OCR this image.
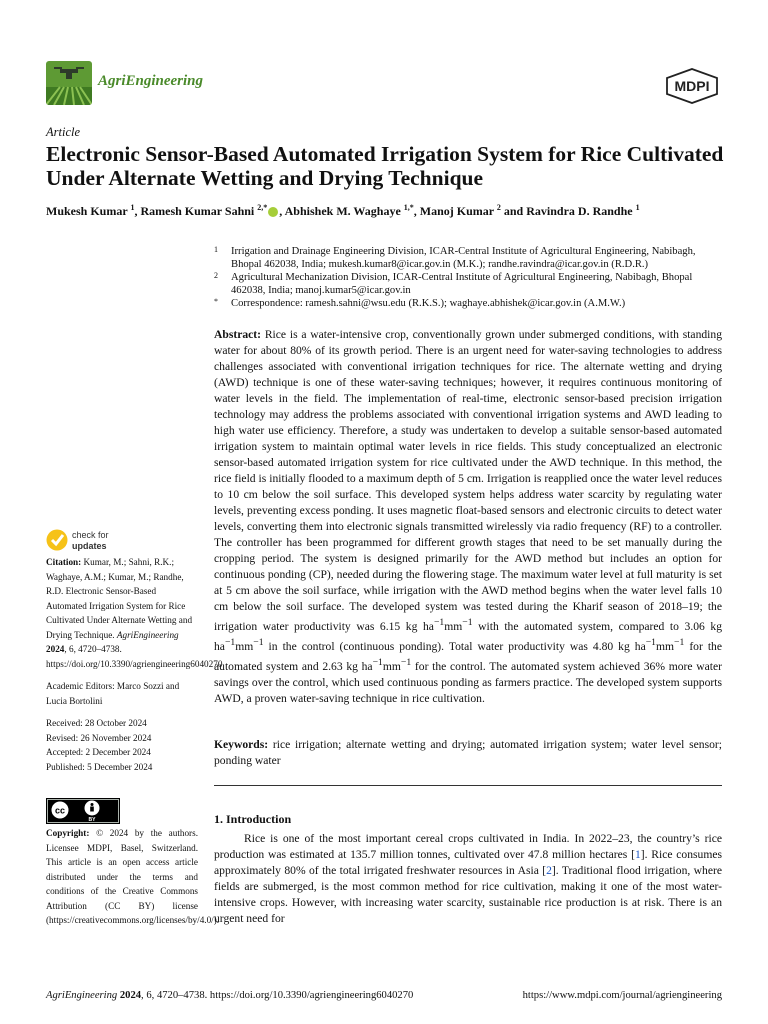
AgriEngineering	MDPI
Article
Electronic Sensor-Based Automated Irrigation System for Rice Cultivated Under Alternate Wetting and Drying Technique
Mukesh Kumar $^1$, Ramesh Kumar Sahni $^{2,*}$ , Abhishek M. Waghaye $^{1,*}$, Manoj Kumar $^2$ and Ravindra D. Randhe $^1$
1 Irrigation and Drainage Engineering Division, ICAR-Central Institute of Agricultural Engineering, Nabibagh, Bhopal 462038, India; mukesh.kumar8@icar.gov.in (M.K.); randhe.ravindra@icar.gov.in (R.D.R.)
2 Agricultural Mechanization Division, ICAR-Central Institute of Agricultural Engineering, Nabibagh, Bhopal 462038, India; manoj.kumar5@icar.gov.in
* Correspondence: ramesh.sahni@wsu.edu (R.K.S.); waghaye.abhishek@icar.gov.in (A.M.W.)
Abstract: Rice is a water-intensive crop, conventionally grown under submerged conditions, with standing water for about 80% of its growth period. There is an urgent need for water-saving technologies to address challenges associated with conventional irrigation techniques for rice. The alternate wetting and drying (AWD) technique is one of these water-saving techniques; however, it requires continuous monitoring of water levels in the field. The implementation of real-time, electronic sensor-based precision irrigation technology may address the problems associated with conventional irrigation systems and AWD leading to high water use efficiency. Therefore, a study was undertaken to develop a suitable sensor-based automated irrigation system to maintain optimal water levels in rice fields. This study conceptualized an electronic sensor-based automated irrigation system for rice cultivated under the AWD technique. In this method, the rice field is initially flooded to a maximum depth of 5 cm. Irrigation is reapplied once the water level reduces to 10 cm below the soil surface. This developed system helps address water scarcity by regulating water levels, preventing excess ponding. It uses magnetic float-based sensors and electronic circuits to detect water levels, converting them into electronic signals transmitted wirelessly via radio frequency (RF) to a controller. The controller has been programmed for different growth stages that need to be set manually during the cropping period. The system is designed primarily for the AWD method but includes an option for continuous ponding (CP), needed during the flowering stage. The maximum water level at full maturity is set at 5 cm above the soil surface, while irrigation with the AWD method begins when the water level falls 10 cm below the soil surface. The developed system was tested during the Kharif season of 2018–19; the irrigation water productivity was 6.15 kg $ha^{-1}mm^{-1}$ with the automated system, compared to 3.06 kg $ha^{-1}mm^{-1}$ in the control (continuous ponding). Total water productivity was 4.80 kg $ha^{-1}mm^{-1}$ for the automated system and 2.63 kg $ha^{-1}mm^{-1}$ for the control. The automated system achieved 36% more water savings over the control, which used continuous ponding as farmers practice. The developed system supports AWD, a proven water-saving technique in rice cultivation.
Keywords: rice irrigation; alternate wetting and drying; automated irrigation system; water level sensor; ponding water
1. Introduction
Rice is one of the most important cereal crops cultivated in India. In 2022–23, the country’s rice production was estimated at 135.7 million tonnes, cultivated over 47.8 million hectares [1]. Rice consumes approximately 80% of the total irrigated freshwater resources in Asia [2]. Traditional flood irrigation, where fields are submerged, is the most common method for rice cultivation, making it one of the most water-intensive crops. However, with increasing water scarcity, sustainable rice production is at risk. There is an urgent need for
check for
updates

Citation: Kumar, M.; Sahni, R.K.; Waghaye, A.M.; Kumar, M.; Randhe, R.D. Electronic Sensor-Based Automated Irrigation System for Rice Cultivated Under Alternate Wetting and Drying Technique. AgriEngineering 2024, 6, 4720–4738. https://doi.org/10.3390/agriengineering6040270

Academic Editors: Marco Sozzi and Lucia Bortolini

Received: 28 October 2024

Revised: 26 November 2024

Accepted: 2 December 2024

Published: 5 December 2024

cc
BY
Copyright: © 2024 by the authors. Licensee MDPI, Basel, Switzerland. This article is an open access article distributed under the terms and conditions of the Creative Commons Attribution (CC BY) license (https://creativecommons.org/licenses/by/4.0/).
AgriEngineering 2024, 6, 4720–4738. https://doi.org/10.3390/agriengineering6040270	https://www.mdpi.com/journal/agriengineering
